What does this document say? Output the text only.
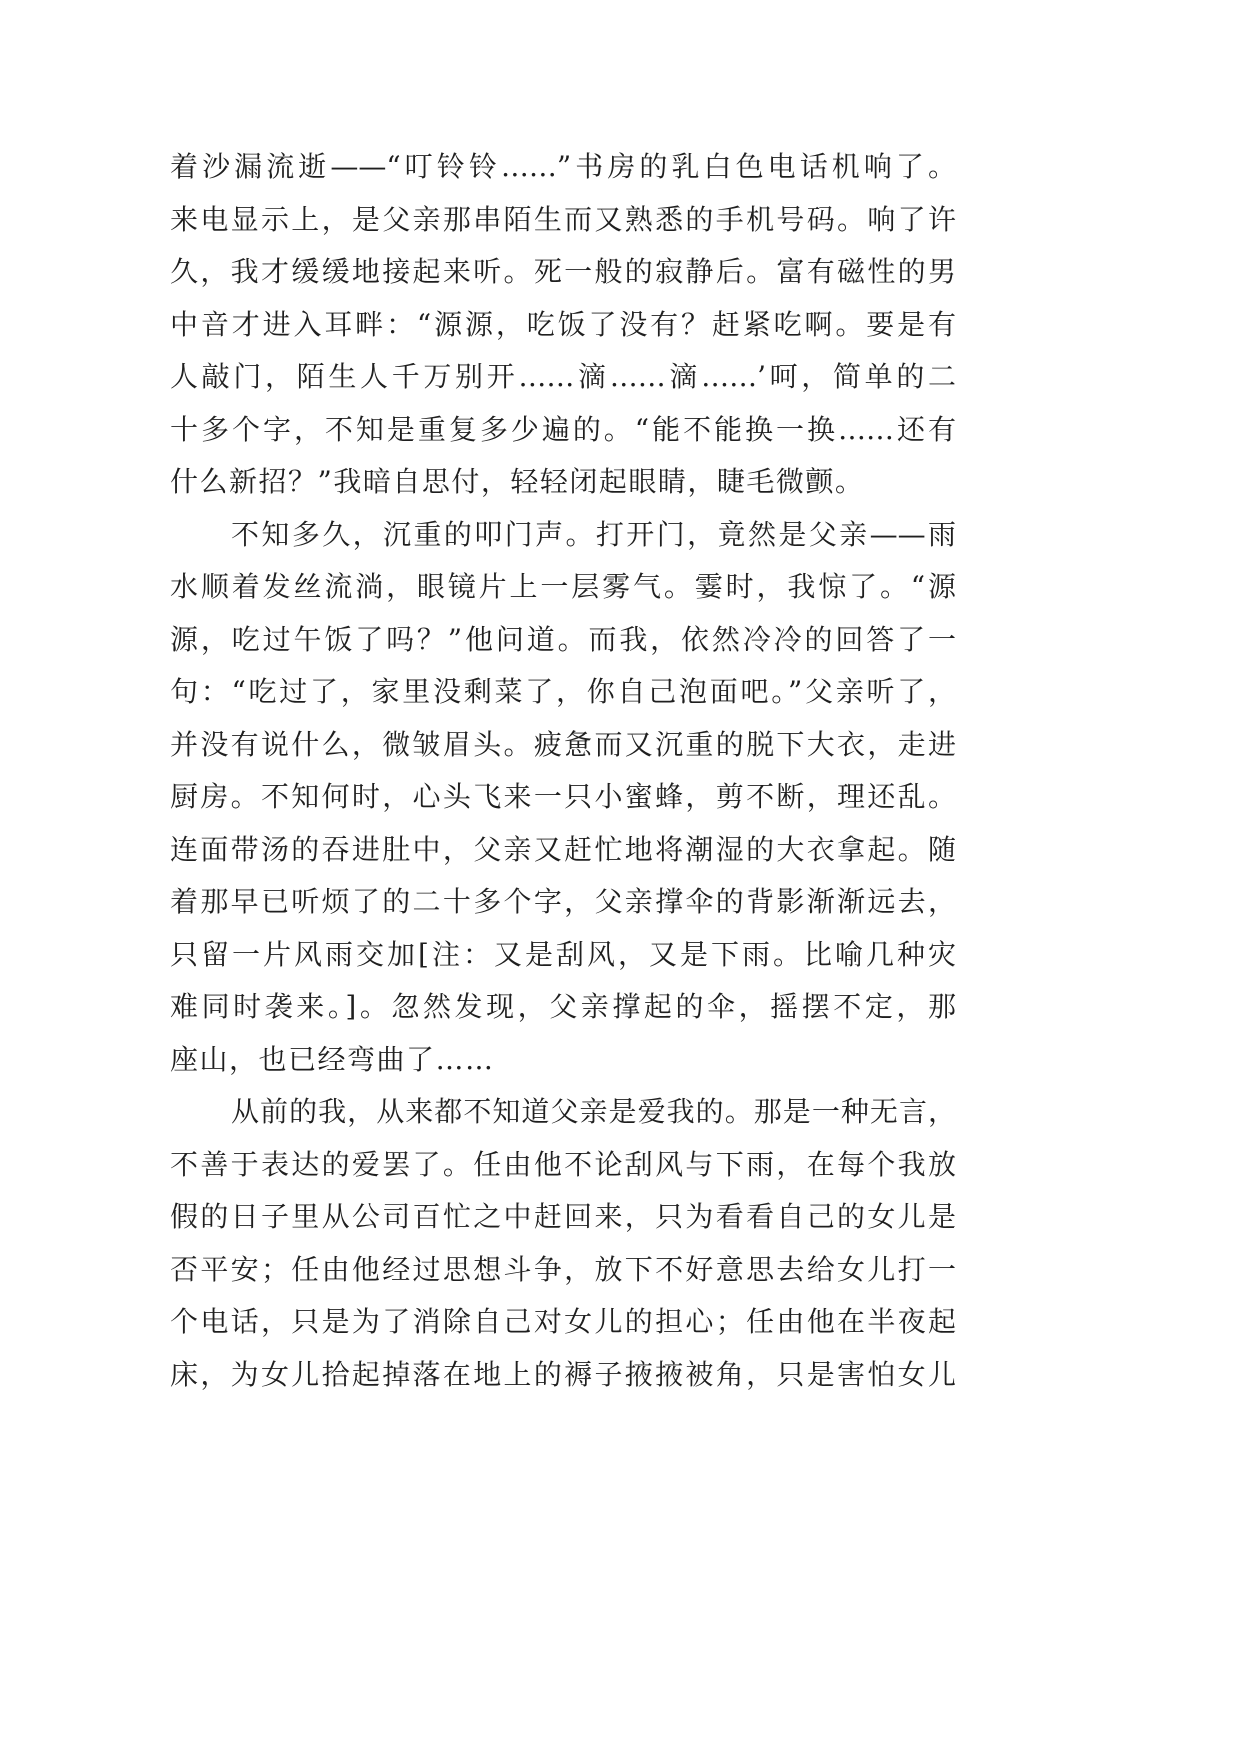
着沙漏流逝——“叮铃铃……”书房的乳白色电话机响了。
来电显示上，是父亲那串陌生而又熟悉的手机号码。响了许
久，我才缓缓地接起来听。死一般的寂静后。富有磁性的男
中音才进入耳畔：“源源，吃饭了没有？赶紧吃啊。要是有
人敲门，陌生人千万别开……滴……滴……’呵，简单的二
十多个字，不知是重复多少遍的。“能不能换一换……还有
什么新招？”我暗自思付，轻轻闭起眼睛，睫毛微颤。
不知多久，沉重的叩门声。打开门，竟然是父亲——雨
水顺着发丝流淌，眼镜片上一层雾气。霎时，我惊了。“源
源，吃过午饭了吗？”他问道。而我，依然冷冷的回答了一
句：“吃过了，家里没剩菜了，你自己泡面吧。”父亲听了，
并没有说什么，微皱眉头。疲惫而又沉重的脱下大衣，走进
厨房。不知何时，心头飞来一只小蜜蜂，剪不断，理还乱。
连面带汤的吞进肚中，父亲又赶忙地将潮湿的大衣拿起。随
着那早已听烦了的二十多个字，父亲撑伞的背影渐渐远去，
只留一片风雨交加[注：又是刮风，又是下雨。比喻几种灾
难同时袭来。]。忽然发现，父亲撑起的伞，摇摆不定，那
座山，也已经弯曲了……
从前的我，从来都不知道父亲是爱我的。那是一种无言，
不善于表达的爱罢了。任由他不论刮风与下雨，在每个我放
假的日子里从公司百忙之中赶回来，只为看看自己的女儿是
否平安；任由他经过思想斗争，放下不好意思去给女儿打一
个电话，只是为了消除自己对女儿的担心；任由他在半夜起
床，为女儿拾起掉落在地上的褥子掖掖被角，只是害怕女儿
